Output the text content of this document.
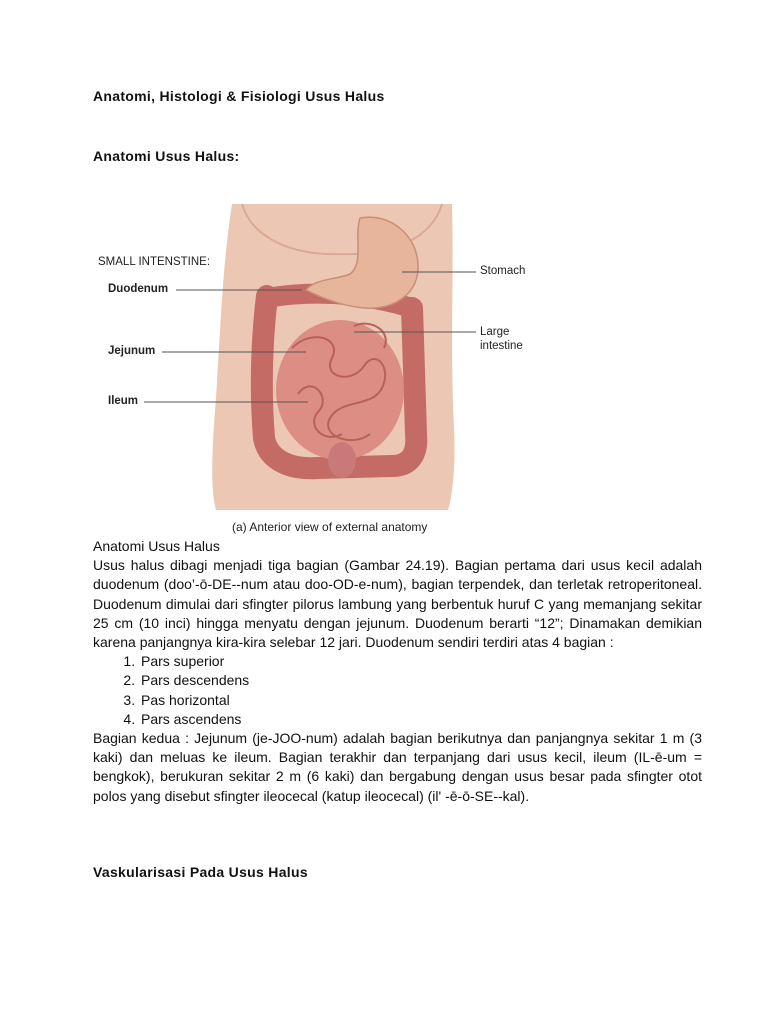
Anatomi, Histologi & Fisiologi Usus Halus
Anatomi Usus Halus:
SMALL INTENSTINE:
Duodenum
Jejunum
Ileum
Stomach
Large
intestine
(a) Anterior view of external anatomy

Anatomi Usus Halus

Usus halus dibagi menjadi tiga bagian (Gambar 24.19). Bagian pertama dari usus kecil adalah duodenum (doo’-ō-DE--num atau doo-OD-e-num), bagian terpendek, dan terletak retroperitoneal. Duodenum dimulai dari sfingter pilorus lambung yang berbentuk huruf C yang memanjang sekitar 25 cm (10 inci) hingga menyatu dengan jejunum. Duodenum berarti “12”; Dinamakan demikian karena panjangnya kira-kira selebar 12 jari. Duodenum sendiri terdiri atas 4 bagian :

1. Pars superior
2. Pars descendens
3. Pas horizontal
4. Pars ascendens

Bagian kedua : Jejunum (je-JOO-num) adalah bagian berikutnya dan panjangnya sekitar 1 m (3 kaki) dan meluas ke ileum. Bagian terakhir dan terpanjang dari usus kecil, ileum (IL-ē-um = bengkok), berukuran sekitar 2 m (6 kaki) dan bergabung dengan usus besar pada sfingter otot polos yang disebut sfingter ileocecal (katup ileocecal) (il' -ē-ō-SE--kal).

Vaskularisasi Pada Usus Halus
